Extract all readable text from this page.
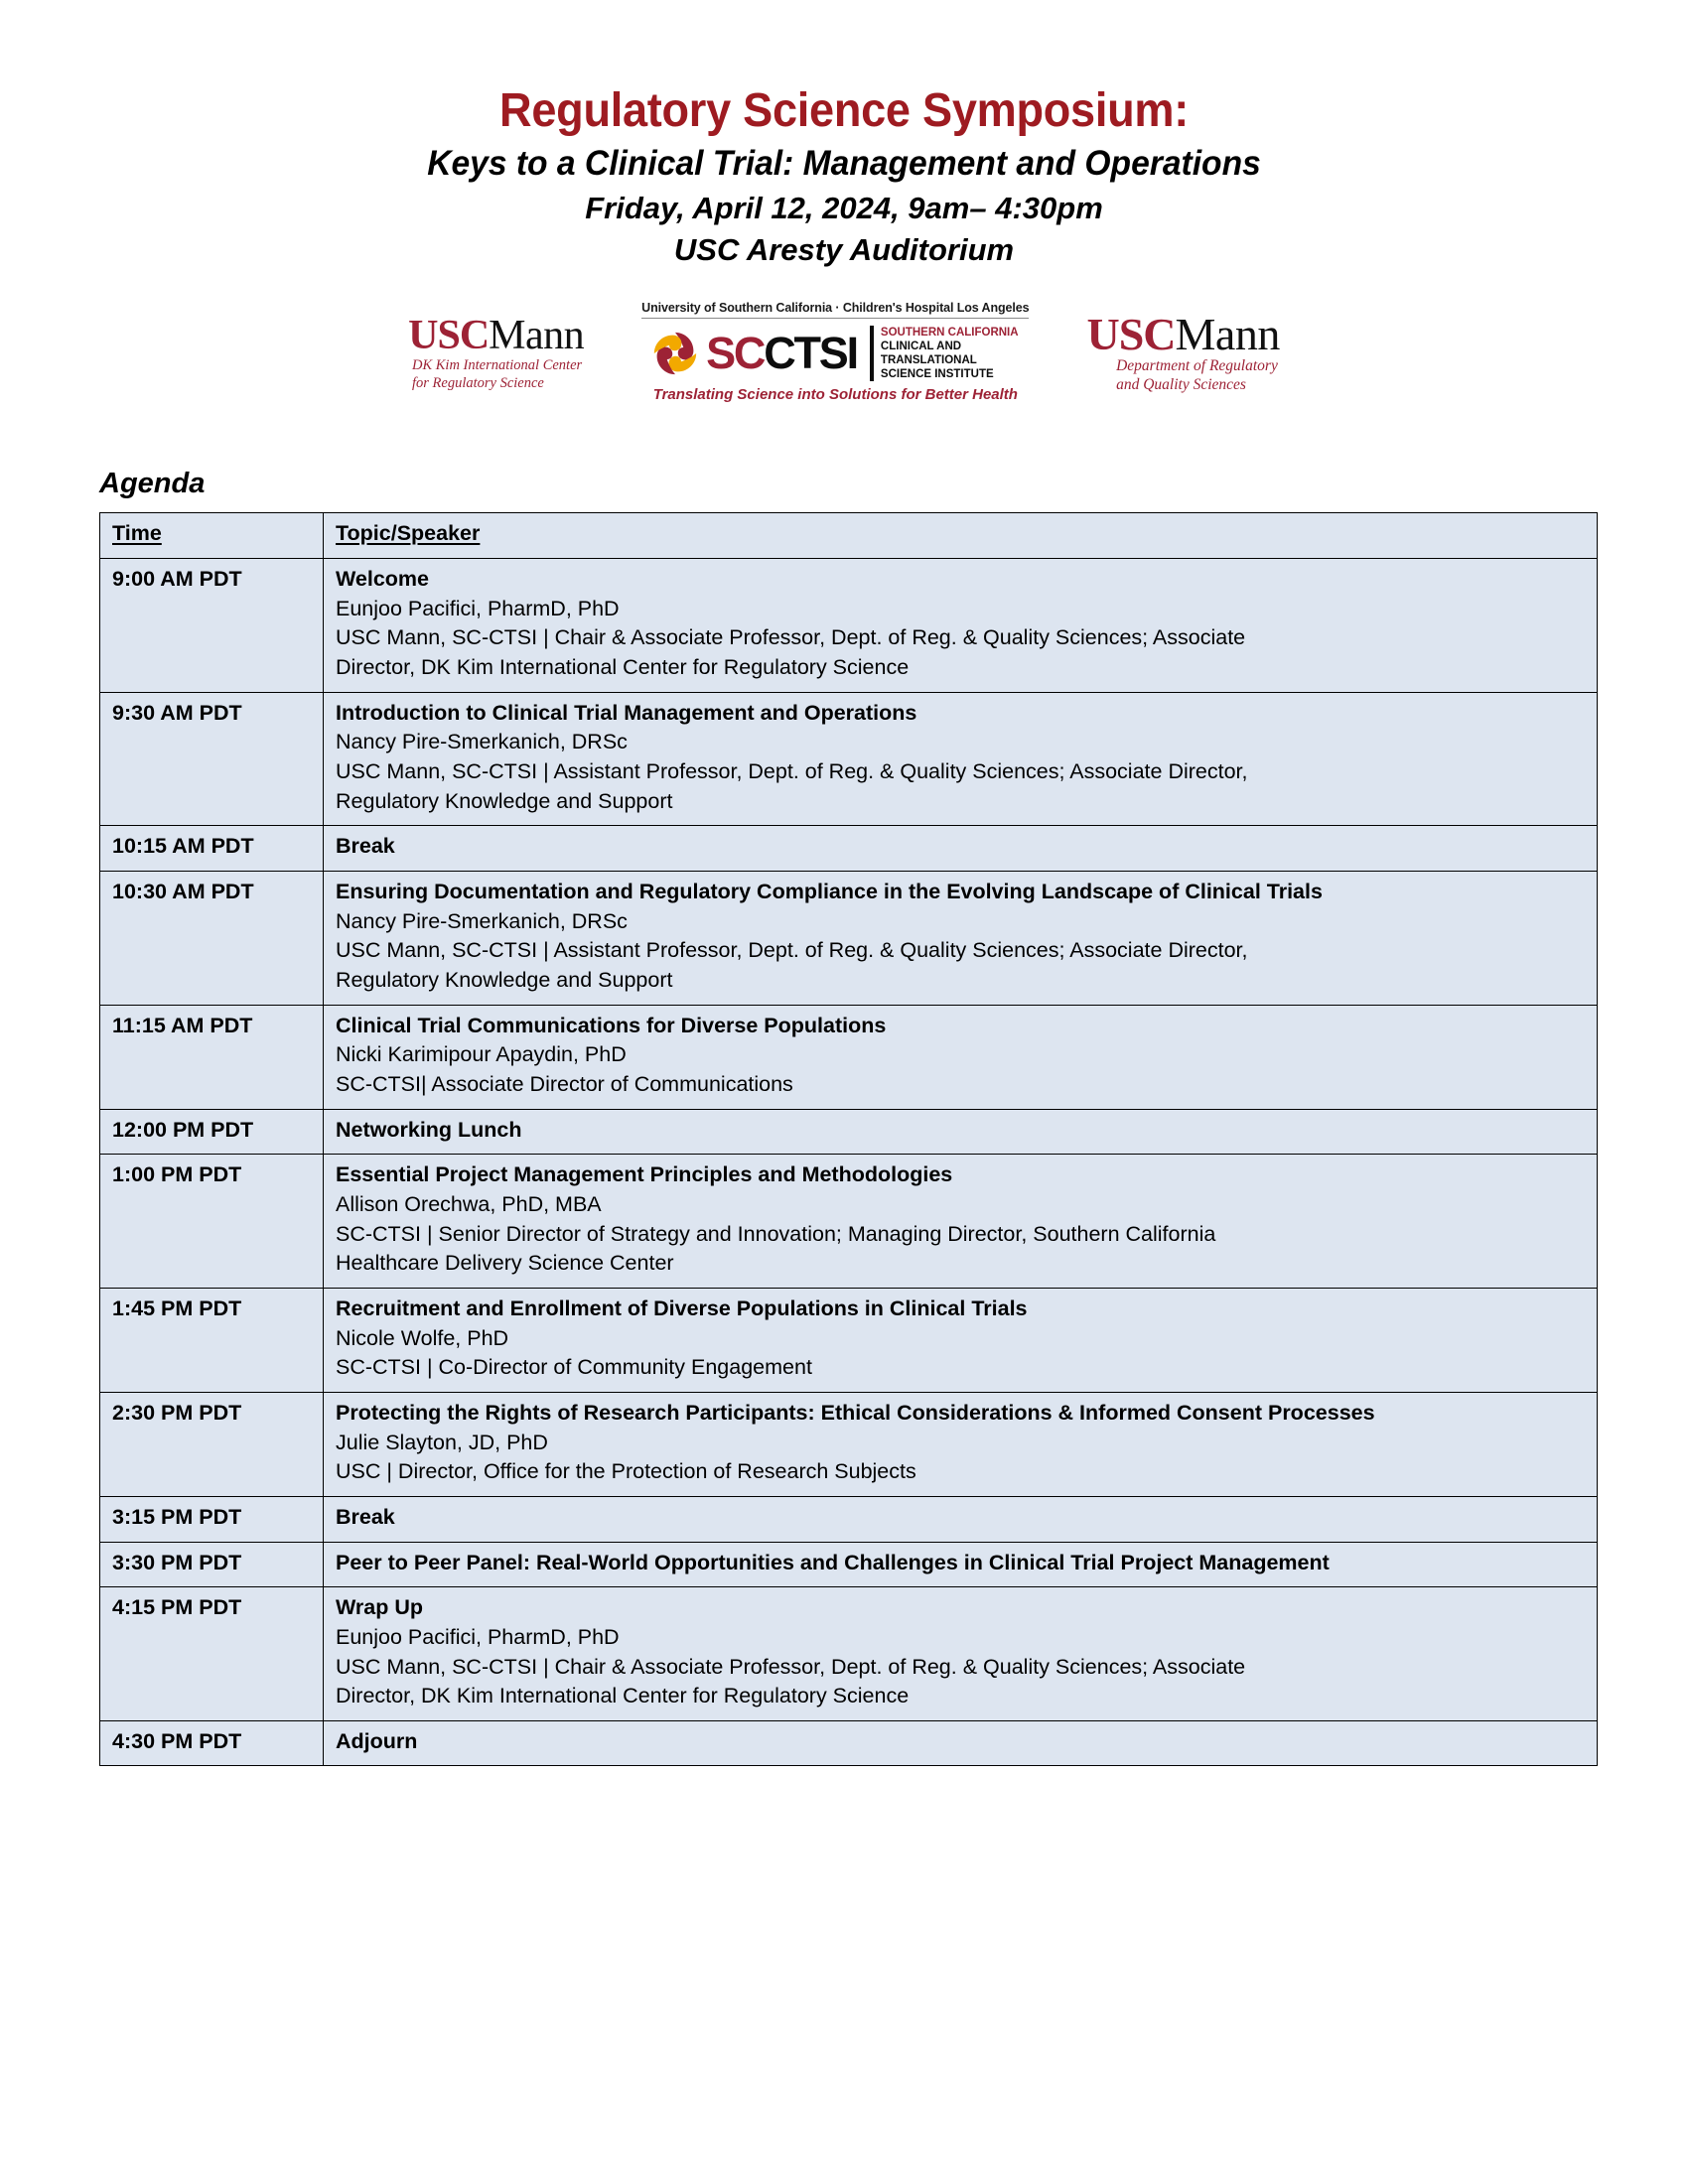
Regulatory Science Symposium:
Keys to a Clinical Trial: Management and Operations
Friday, April 12, 2024, 9am– 4:30pm
USC Aresty Auditorium
USCMann
DK Kim International Center
for Regulatory Science
University of Southern California · Children's Hospital Los Angeles
SC CTSI SOUTHERN CALIFORNIA
CLINICAL AND
TRANSLATIONAL
SCIENCE INSTITUTE
Translating Science into Solutions for Better Health
USCMann
Department of Regulatory
and Quality Sciences
Agenda
Time	Topic/Speaker
9:00 AM PDT	Welcome
Eunjoo Pacifici, PharmD, PhD
USC Mann, SC-CTSI | Chair & Associate Professor, Dept. of Reg. & Quality Sciences; Associate
Director, DK Kim International Center for Regulatory Science

9:30 AM PDT	Introduction to Clinical Trial Management and Operations
Nancy Pire-Smerkanich, DRSc
USC Mann, SC-CTSI | Assistant Professor, Dept. of Reg. & Quality Sciences; Associate Director,
Regulatory Knowledge and Support

10:15 AM PDT	Break

10:30 AM PDT	Ensuring Documentation and Regulatory Compliance in the Evolving Landscape of Clinical Trials
Nancy Pire-Smerkanich, DRSc
USC Mann, SC-CTSI | Assistant Professor, Dept. of Reg. & Quality Sciences; Associate Director,
Regulatory Knowledge and Support

11:15 AM PDT	Clinical Trial Communications for Diverse Populations
Nicki Karimipour Apaydin, PhD
SC-CTSI| Associate Director of Communications

12:00 PM PDT	Networking Lunch

1:00 PM PDT	Essential Project Management Principles and Methodologies
Allison Orechwa, PhD, MBA
SC-CTSI | Senior Director of Strategy and Innovation; Managing Director, Southern California
Healthcare Delivery Science Center

1:45 PM PDT	Recruitment and Enrollment of Diverse Populations in Clinical Trials
Nicole Wolfe, PhD
SC-CTSI | Co-Director of Community Engagement

2:30 PM PDT	Protecting the Rights of Research Participants: Ethical Considerations & Informed Consent Processes
Julie Slayton, JD, PhD
USC | Director, Office for the Protection of Research Subjects

3:15 PM PDT	Break

3:30 PM PDT	Peer to Peer Panel: Real-World Opportunities and Challenges in Clinical Trial Project Management

4:15 PM PDT	Wrap Up
Eunjoo Pacifici, PharmD, PhD
USC Mann, SC-CTSI | Chair & Associate Professor, Dept. of Reg. & Quality Sciences; Associate
Director, DK Kim International Center for Regulatory Science

4:30 PM PDT	Adjourn
